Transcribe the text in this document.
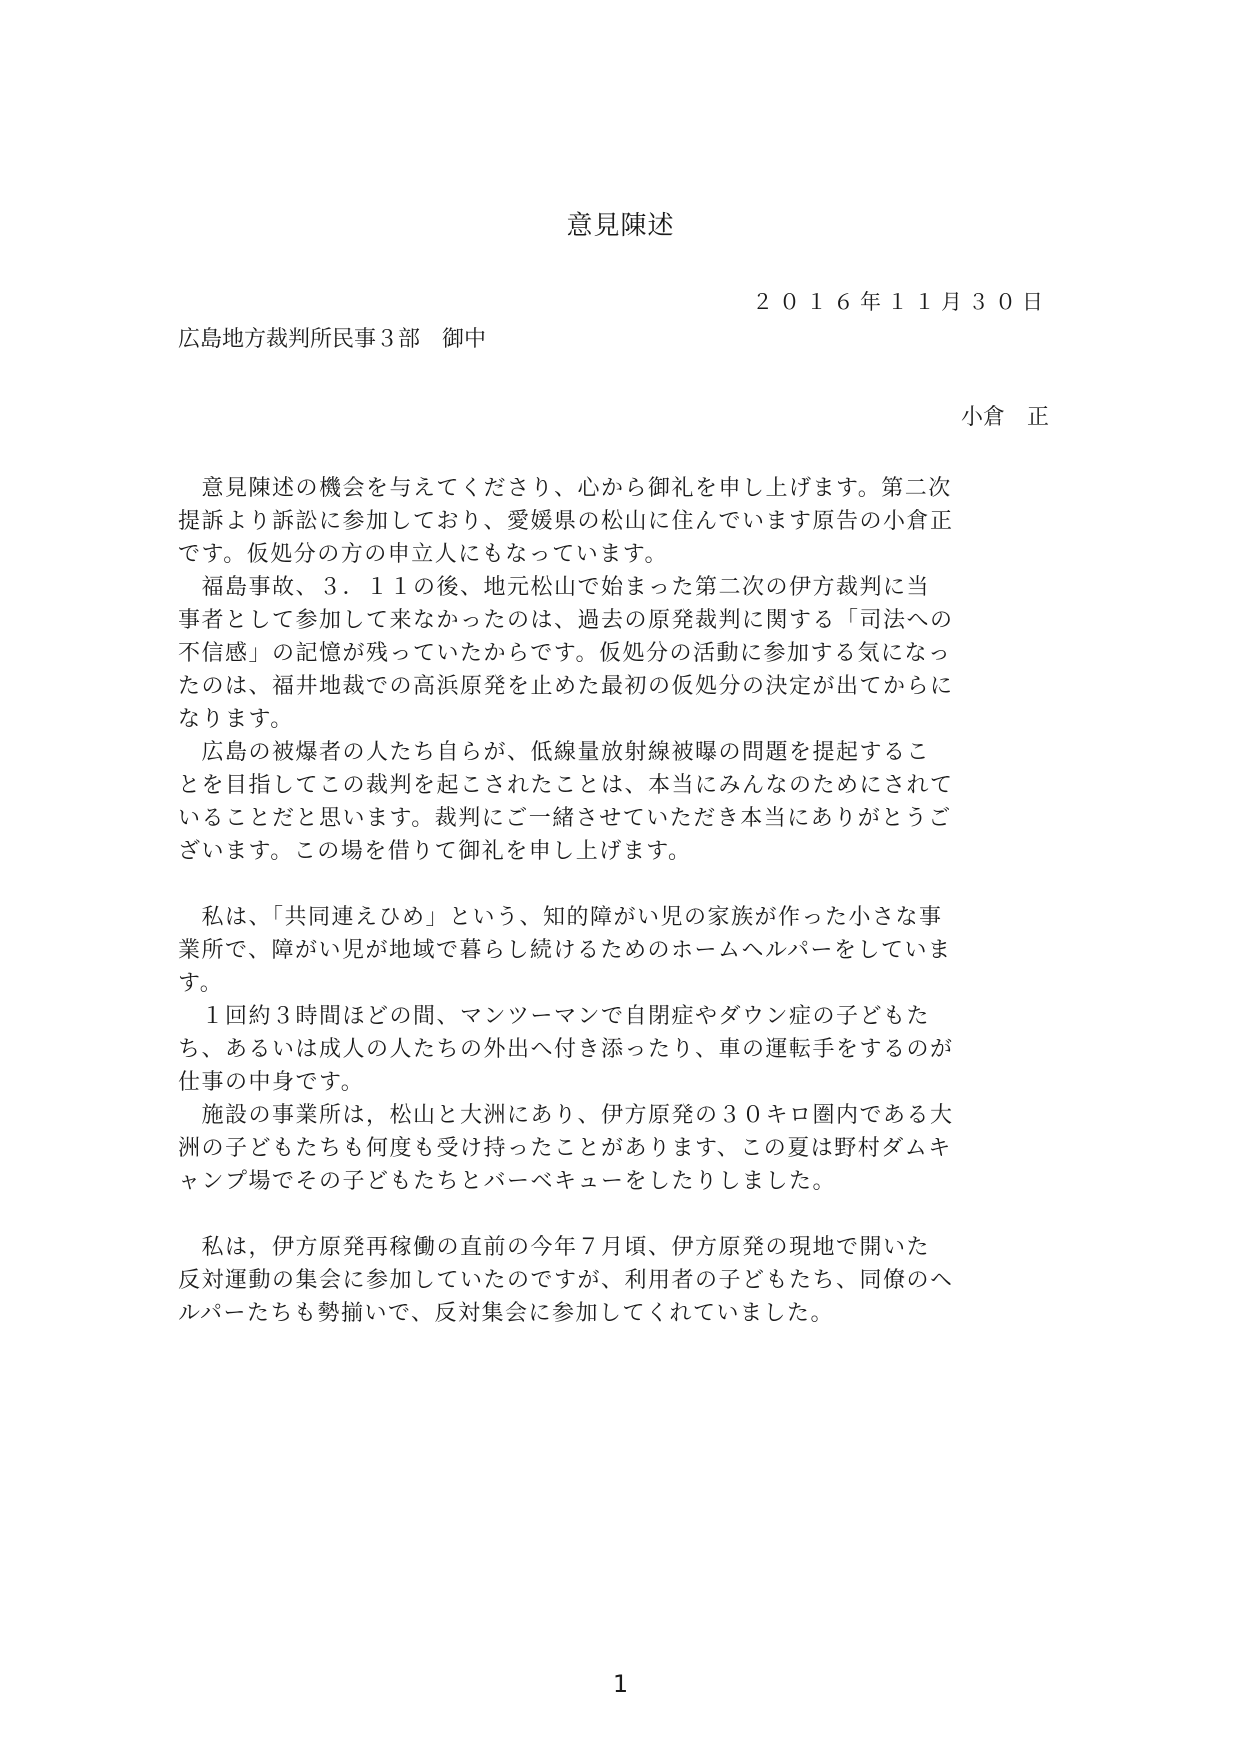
意見陳述
２０１６年１１月３０日
広島地方裁判所民事３部　御中
小倉　正
　意見陳述の機会を与えてくださり、心から御礼を申し上げます。第二次
提訴より訴訟に参加しており、愛媛県の松山に住んでいます原告の小倉正
です。仮処分の方の申立人にもなっています。
　福島事故、３．１１の後、地元松山で始まった第二次の伊方裁判に当
事者として参加して来なかったのは、過去の原発裁判に関する「司法への
不信感」の記憶が残っていたからです。仮処分の活動に参加する気になっ
たのは、福井地裁での高浜原発を止めた最初の仮処分の決定が出てからに
なります。
　広島の被爆者の人たち自らが、低線量放射線被曝の問題を提起するこ
とを目指してこの裁判を起こされたことは、本当にみんなのためにされて
いることだと思います。裁判にご一緒させていただき本当にありがとうご
ざいます。この場を借りて御礼を申し上げます。
　私は、「共同連えひめ」という、知的障がい児の家族が作った小さな事
業所で、障がい児が地域で暮らし続けるためのホームヘルパーをしていま
す。
　１回約３時間ほどの間、マンツーマンで自閉症やダウン症の子どもた
ち、あるいは成人の人たちの外出へ付き添ったり、車の運転手をするのが
仕事の中身です。
　施設の事業所は，松山と大洲にあり、伊方原発の３０キロ圏内である大
洲の子どもたちも何度も受け持ったことがあります、この夏は野村ダムキ
ャンプ場でその子どもたちとバーベキューをしたりしました。
　私は，伊方原発再稼働の直前の今年７月頃、伊方原発の現地で開いた
反対運動の集会に参加していたのですが、利用者の子どもたち、同僚のヘ
ルパーたちも勢揃いで、反対集会に参加してくれていました。
1
